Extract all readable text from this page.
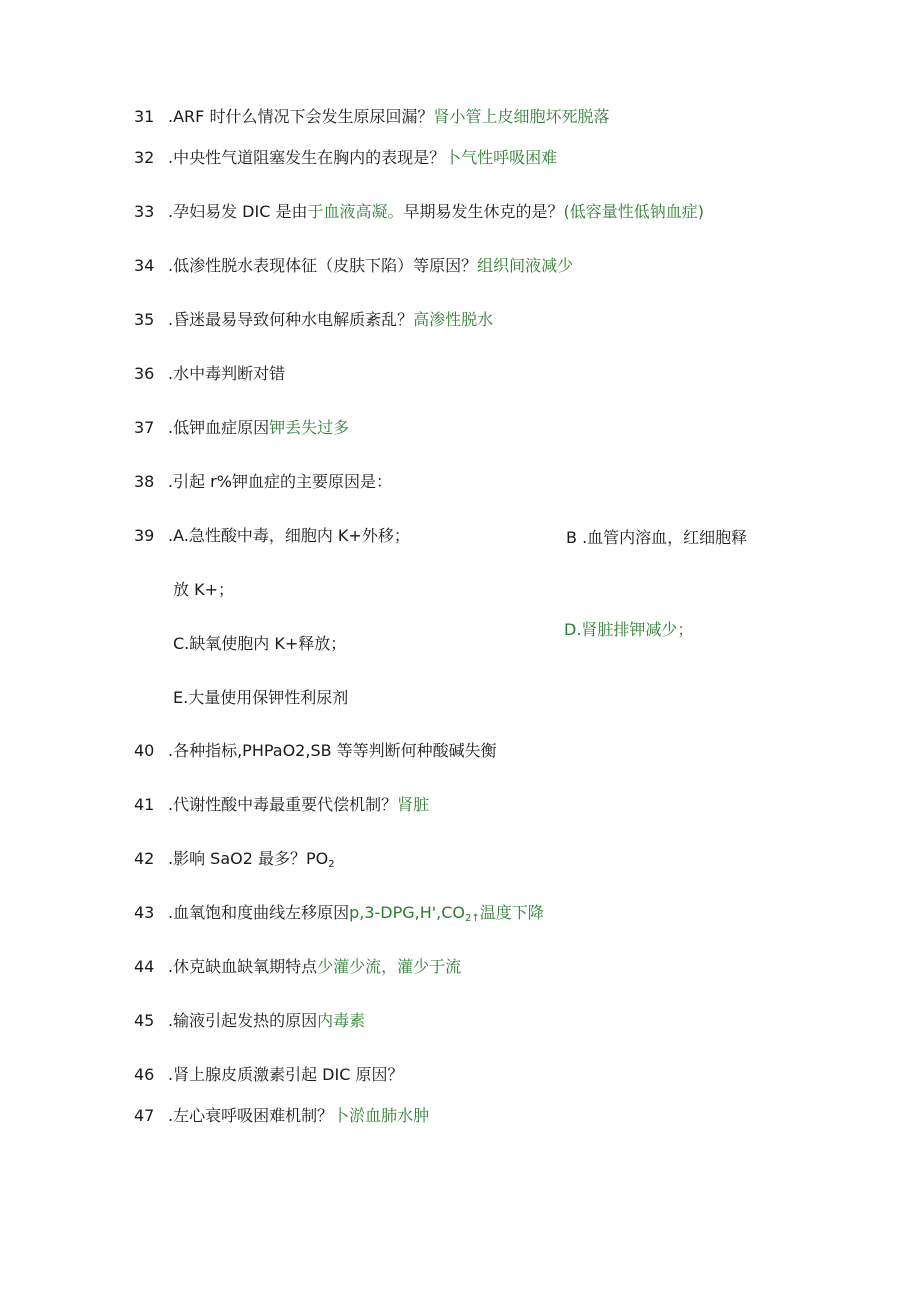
31 .ARF 时什么情况下会发生原尿回漏？肾小管上皮细胞坏死脱落
32 .中央性气道阻塞发生在胸内的表现是？卜气性呼吸困难
33 .孕妇易发 DIC 是由于血液高凝。早期易发生休克的是？(低容量性低钠血症)
34 .低渗性脱水表现体征（皮肤下陷）等原因？组织间液减少
35 .昏迷最易导致何种水电解质紊乱？高渗性脱水
36 .水中毒判断对错
37 .低钾血症原因钾丢失过多
38 .引起 r%钾血症的主要原因是：
39 .A.急性酸中毒，细胞内 K+外移；	B .血管内溶血，红细胞释
放 K+；
D.肾脏排钾减少；
C.缺氧使胞内 K+释放；
E.大量使用保钾性利尿剂
40 .各种指标,PHPaO2,SB 等等判断何种酸碱失衡
41 .代谢性酸中毒最重要代偿机制？肾脏
42 .影响 SaO2 最多？$PO_2$
43 .血氧饱和度曲线左移原因$p,3-DPG,H',CO_{2↑}$温度下降
44 .休克缺血缺氧期特点少灌少流，灌少于流
45 .输液引起发热的原因内毒素
46 .肾上腺皮质激素引起 DIC 原因？
47 .左心衰呼吸困难机制？卜淤血肺水肿
